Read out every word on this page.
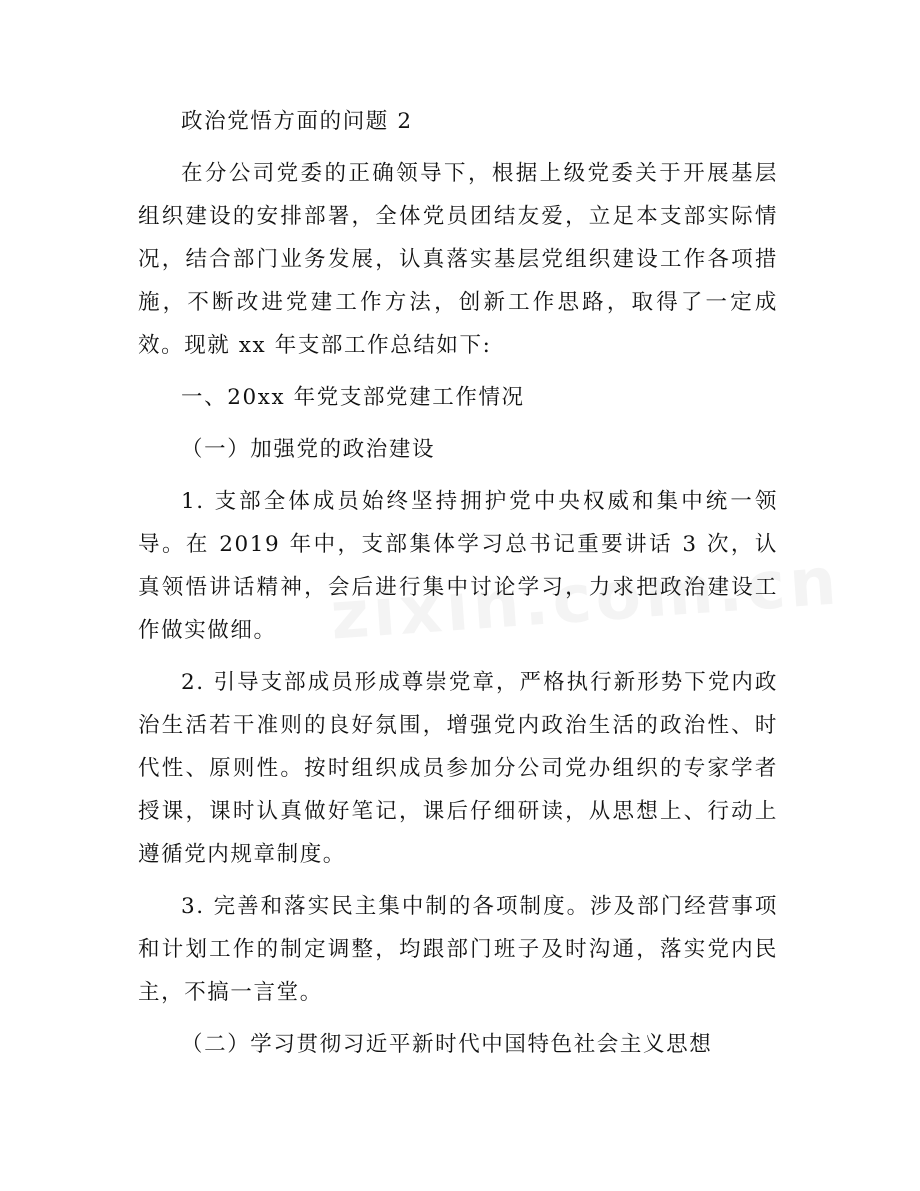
政治党悟方面的问题 2

在分公司党委的正确领导下，根据上级党委关于开展基层组织建设的安排部署，全体党员团结友爱，立足本支部实际情况，结合部门业务发展，认真落实基层党组织建设工作各项措施，不断改进党建工作方法，创新工作思路，取得了一定成效。现就 xx 年支部工作总结如下:

一、20xx 年党支部党建工作情况

（一）加强党的政治建设

1. 支部全体成员始终坚持拥护党中央权威和集中统一领导。在 2019 年中，支部集体学习总书记重要讲话 3 次，认真领悟讲话精神，会后进行集中讨论学习，力求把政治建设工作做实做细。

2. 引导支部成员形成尊崇党章，严格执行新形势下党内政治生活若干准则的良好氛围，增强党内政治生活的政治性、时代性、原则性。按时组织成员参加分公司党办组织的专家学者授课，课时认真做好笔记，课后仔细研读，从思想上、行动上遵循党内规章制度。

3. 完善和落实民主集中制的各项制度。涉及部门经营事项和计划工作的制定调整，均跟部门班子及时沟通，落实党内民主，不搞一言堂。

（二）学习贯彻习近平新时代中国特色社会主义思想
